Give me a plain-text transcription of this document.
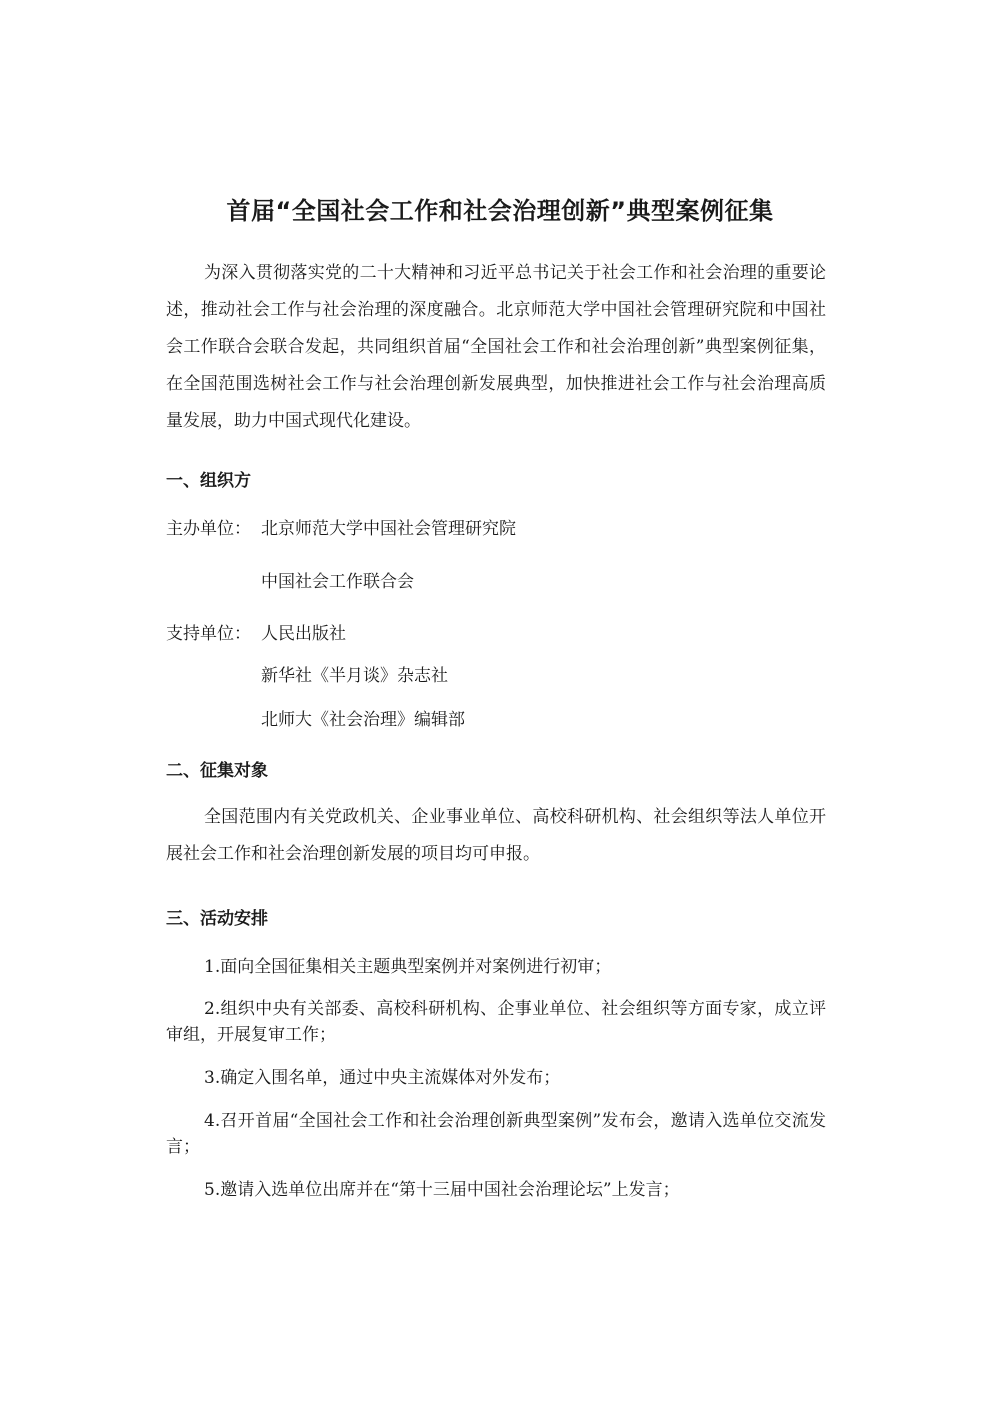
首届“全国社会工作和社会治理创新”典型案例征集
为深入贯彻落实党的二十大精神和习近平总书记关于社会工作和社会治理的重要论述，推动社会工作与社会治理的深度融合。北京师范大学中国社会管理研究院和中国社会工作联合会联合发起，共同组织首届“全国社会工作和社会治理创新”典型案例征集，在全国范围选树社会工作与社会治理创新发展典型，加快推进社会工作与社会治理高质量发展，助力中国式现代化建设。
一、组织方
主办单位： 北京师范大学中国社会管理研究院
中国社会工作联合会
支持单位： 人民出版社
新华社《半月谈》杂志社
北师大《社会治理》编辑部
二、征集对象
全国范围内有关党政机关、企业事业单位、高校科研机构、社会组织等法人单位开展社会工作和社会治理创新发展的项目均可申报。
三、活动安排
1.面向全国征集相关主题典型案例并对案例进行初审；
2.组织中央有关部委、高校科研机构、企事业单位、社会组织等方面专家，成立评审组，开展复审工作；
3.确定入围名单，通过中央主流媒体对外发布；
4.召开首届“全国社会工作和社会治理创新典型案例”发布会，邀请入选单位交流发言；
5.邀请入选单位出席并在“第十三届中国社会治理论坛”上发言；
